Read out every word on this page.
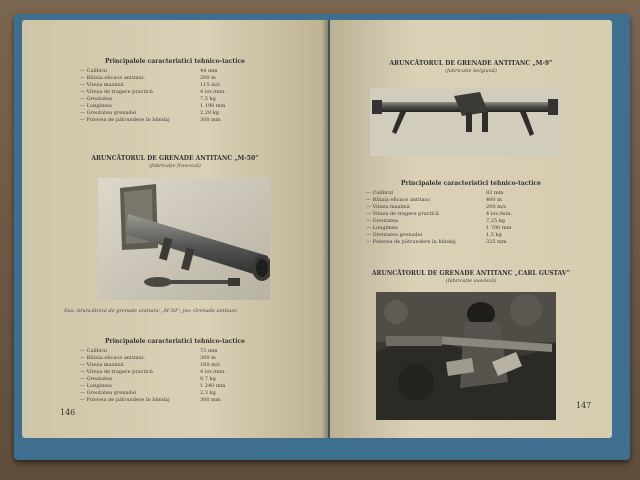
Principalele caracteristici tehnico-tactice
— Calibrul	44 mm
— Bătaia eficace antitanc	200 m
— Viteza maximă	115 m/s
— Viteza de tragere practică	4 lov./min.
— Greutatea	7,5 kg
— Lungimea	1 190 mm
— Greutatea grenadei	2,20 kg
— Puterea de pătrundere în blindaj	300 mm
ARUNCĂTORUL DE GRENADE ANTITANC „M-50”
(fabricație franceză)
Sus: Aruncătorul de grenade antitanc „M-50”; jos: Grenada antitanc
Principalele caracteristici tehnico-tactice
— Calibrul	73 mm
— Bătaia eficace antitanc	300 m
— Viteza maximă	160 m/s
— Viteza de tragere practică	4 lov./min.
— Greutatea	8,7 kg
— Lungimea	1 240 mm
— Greutatea grenadei	2,3 kg
— Puterea de pătrundere în blindaj	300 mm
146
ARUNCĂTORUL DE GRENADE ANTITANC „M-9”
(fabricație belgiană)
Principalele caracteristici tehnico-tactice
— Calibrul	83 mm
— Bătaia eficace antitanc	400 m
— Viteza maximă	200 m/s
— Viteza de tragere practică	4 lov./min.
— Greutatea	7,25 kg
— Lungimea	1 700 mm
— Greutatea grenadei	1,5 kg
— Puterea de pătrundere în blindaj	325 mm
ARUNCĂTORUL DE GRENADE ANTITANC „CARL GUSTAV”
(fabricație suedeză)
147
